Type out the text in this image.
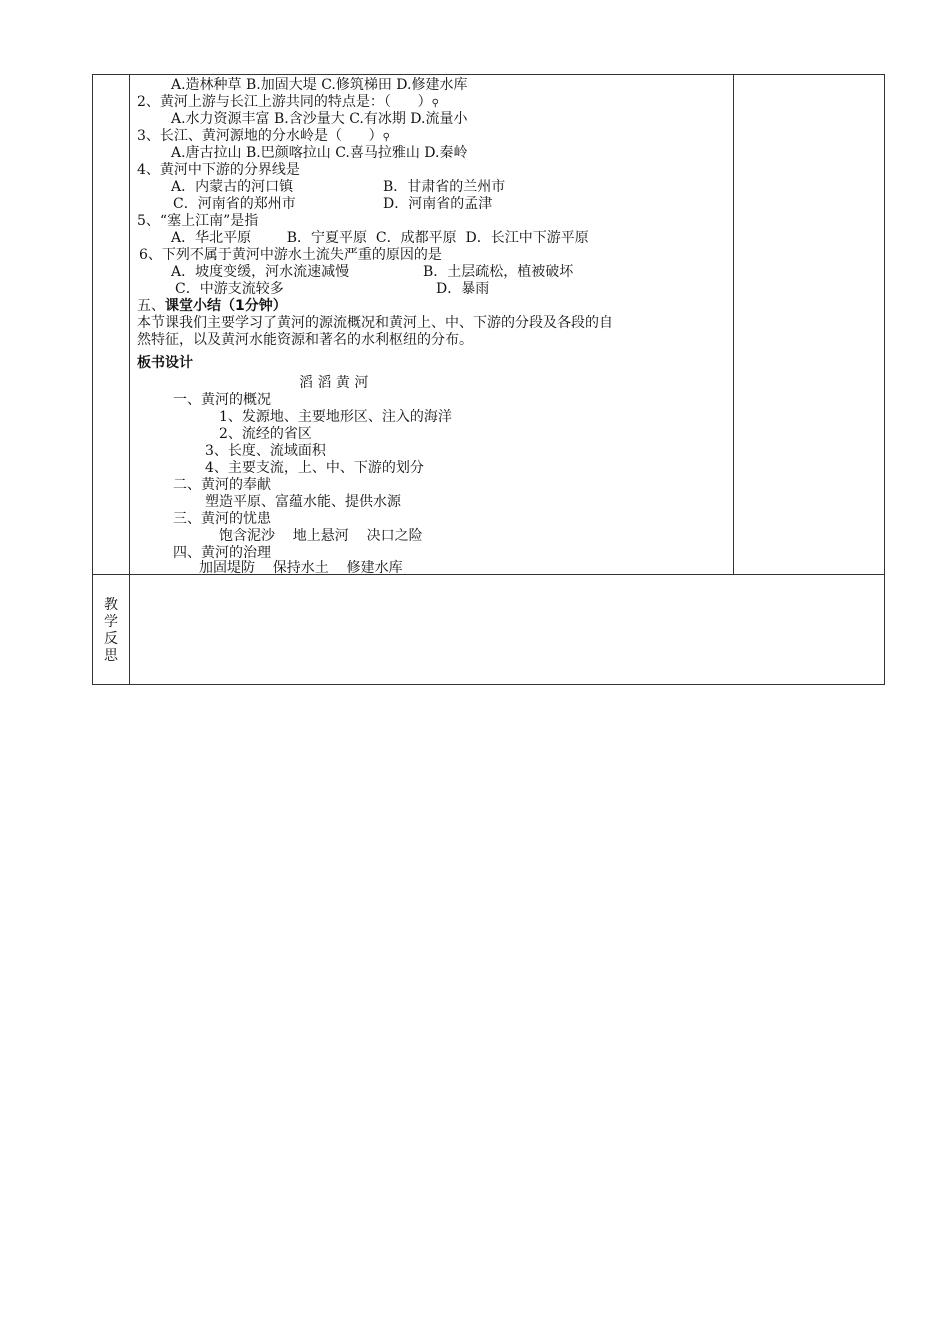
A.造林种草 B.加固大堤 C.修筑梯田 D.修建水库
2、黄河上游与长江上游共同的特点是：（      ）⚲
A.水力资源丰富 B.含沙量大 C.有冰期 D.流量小
3、长江、黄河源地的分水岭是（      ）⚲
A.唐古拉山 B.巴颜喀拉山 C.喜马拉雅山 D.秦岭
4、黄河中下游的分界线是
A．内蒙古的河口镇	B．甘肃省的兰州市
C．河南省的郑州市	D．河南省的孟津
5、“塞上江南”是指
A．华北平原        B．宁夏平原  C．成都平原  D．长江中下游平原
6、下列不属于黄河中游水土流失严重的原因的是
A．坡度变缓，河水流速减慢	B．土层疏松，植被破坏
C．中游支流较多	D．暴雨
五、课堂小结（1分钟）
本节课我们主要学习了黄河的源流概况和黄河上、中、下游的分段及各段的自
然特征，以及黄河水能资源和著名的水利枢纽的分布。
板书设计
滔 滔 黄 河
一、黄河的概况
1、发源地、主要地形区、注入的海洋
2、流经的省区
3、长度、流域面积
4、主要支流，上、中、下游的划分
二、黄河的奉献
塑造平原、富蕴水能、提供水源
三、黄河的忧患
饱含泥沙    地上悬河    决口之险
四、黄河的治理
加固堤防    保持水土    修建水库
教
学
反
思
